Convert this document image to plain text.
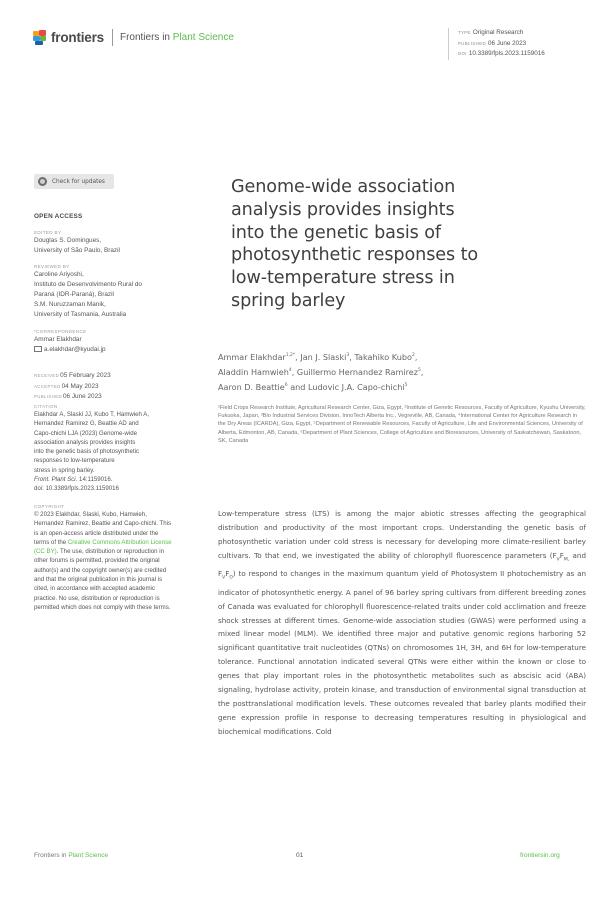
frontiers Frontiers in Plant Science	TYPE Original Research
PUBLISHED 06 June 2023
DOI 10.3389/fpls.2023.1159016
Check for updates
OPEN ACCESS
EDITED BY
Douglas S. Domingues,
University of São Paulo, Brazil
REVIEWED BY
Caroline Ariyoshi,
Instituto de Desenvolvimento Rural do
Paraná (IDR-Paraná), Brazil
S.M. Nuruzzaman Manik,
University of Tasmania, Australia
*CORRESPONDENCE
Ammar Elakhdar
a.elakhdar@kyudai.jp
RECEIVED05 February 2023
ACCEPTED04 May 2023
PUBLISHED06 June 2023
CITATION
Elakhdar A, Slaski JJ, Kubo T, Hamwieh A,
Hernandez Ramirez G, Beattie AD and
Capo-chichi LJA (2023) Genome-wide
association analysis provides insights
into the genetic basis of photosynthetic
responses to low-temperature
stress in spring barley.
Front. Plant Sci. 14:1159016.
doi: 10.3389/fpls.2023.1159016
COPYRIGHT
© 2023 Elakhdar, Slaski, Kubo, Hamwieh, Hernandez Ramirez, Beattie and Capo-chichi. This is an open-access article distributed under the terms of the Creative Commons Attribution License (CC BY). The use, distribution or reproduction in other forums is permitted, provided the original author(s) and the copyright owner(s) are credited and that the original publication in this journal is cited, in accordance with accepted academic practice. No use, distribution or reproduction is permitted which does not comply with these terms.
Genome-wide association analysis provides insights into the genetic basis of photosynthetic responses to low-temperature stress in spring barley
Ammar Elakhdar$^{1,2*}$, Jan J. Slaski$^3$, Takahiko Kubo$^2$,
Aladdin Hamwieh$^4$, Guillermo Hernandez Ramirez$^5$,
Aaron D. Beattie$^6$ and Ludovic J.A. Capo-chichi$^5$
¹Field Crops Research Institute, Agricultural Research Center, Giza, Egypt, ²Institute of Genetic Resources, Faculty of Agriculture, Kyushu University, Fukuoka, Japan, ³Bio Industrial Services Division, InnoTech Alberta Inc., Vegreville, AB, Canada, ⁴International Center for Agriculture Research in the Dry Areas (ICARDA), Giza, Egypt, ⁵Department of Renewable Resources, Faculty of Agriculture, Life and Environmental Sciences, University of Alberta, Edmonton, AB, Canada, ⁶Department of Plant Sciences, College of Agriculture and Bioresources, University of Saskatchewan, Saskatoon, SK, Canada
Low-temperature stress (LTS) is among the major abiotic stresses affecting the geographical distribution and productivity of the most important crops. Understanding the genetic basis of photosynthetic variation under cold stress is necessary for developing more climate-resilient barley cultivars. To that end, we investigated the ability of chlorophyll fluorescence parameters ($F_VF_{M,}$ and $F_VF_O$) to respond to changes in the maximum quantum yield of Photosystem II photochemistry as an indicator of photosynthetic energy. A panel of 96 barley spring cultivars from different breeding zones of Canada was evaluated for chlorophyll fluorescence-related traits under cold acclimation and freeze shock stresses at different times. Genome-wide association studies (GWAS) were performed using a mixed linear model (MLM). We identified three major and putative genomic regions harboring 52 significant quantitative trait nucleotides (QTNs) on chromosomes 1H, 3H, and 6H for low-temperature tolerance. Functional annotation indicated several QTNs were either within the known or close to genes that play important roles in the photosynthetic metabolites such as abscisic acid (ABA) signaling, hydrolase activity, protein kinase, and transduction of environmental signal transduction at the posttranslational modification levels. These outcomes revealed that barley plants modified their gene expression profile in response to decreasing temperatures resulting in physiological and biochemical modifications. Cold
Frontiers in Plant Science	01	frontiersin.org
